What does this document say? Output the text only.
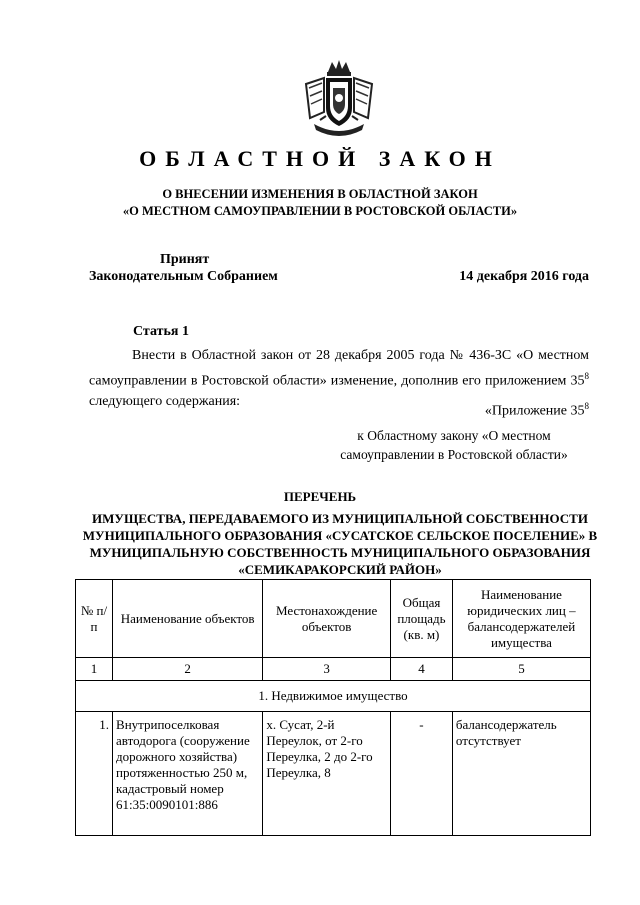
ОБЛАСТНОЙ ЗАКОН
О ВНЕСЕНИИ ИЗМЕНЕНИЯ В ОБЛАСТНОЙ ЗАКОН
«О МЕСТНОМ САМОУПРАВЛЕНИИ В РОСТОВСКОЙ ОБЛАСТИ»
Принят
Законодательным Собранием	14 декабря 2016 года
Статья 1
Внести в Областной закон от 28 декабря 2005 года № 436-ЗС «О местном самоуправлении в Ростовской области» изменение, дополнив его приложением $35^8$ следующего содержания:
«Приложение $35^8$
к Областному закону «О местном
самоуправлении в Ростовской области»
ПЕРЕЧЕНЬ
ИМУЩЕСТВА, ПЕРЕДАВАЕМОГО ИЗ МУНИЦИПАЛЬНОЙ СОБСТВЕННОСТИ МУНИЦИПАЛЬНОГО ОБРАЗОВАНИЯ «СУСАТСКОЕ СЕЛЬСКОЕ ПОСЕЛЕНИЕ» В МУНИЦИПАЛЬНУЮ СОБСТВЕННОСТЬ МУНИЦИПАЛЬНОГО ОБРАЗОВАНИЯ «СЕМИКАРАКОРСКИЙ РАЙОН»
№ п/п	Наименование объектов	Местонахождение объектов	Общая площадь (кв. м)	Наименование юридических лиц – балансодержателей имущества
1	2	3	4	5
1. Недвижимое имущество				
1.	Внутрипоселковая автодорога (сооружение дорожного хозяйства) протяженностью 250 м, кадастровый номер 61:35:0090101:886	х. Сусат, 2-й Переулок, от 2-го Переулка, 2 до 2-го Переулка, 8	-	балансодержатель отсутствует
